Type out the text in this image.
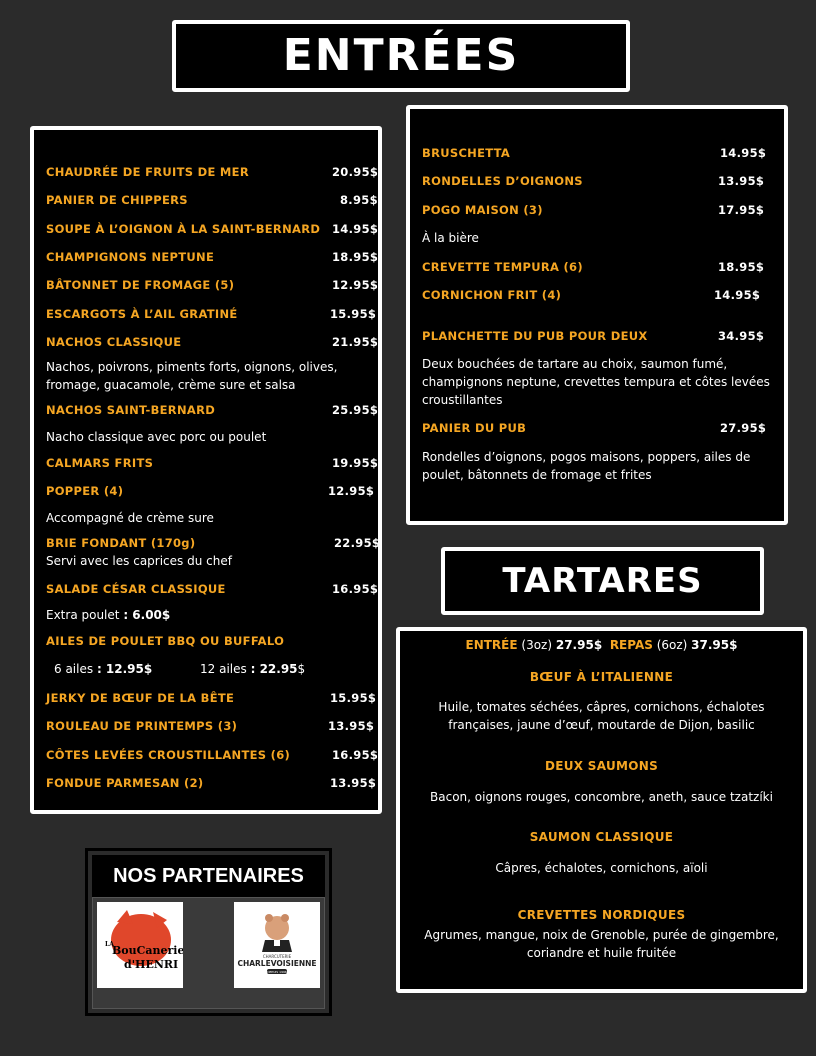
ENTRÉES
TARTARES
CHAUDRÉE DE FRUITS DE MER	20.95$
PANIER DE CHIPPERS	8.95$
SOUPE À L’OIGNON À LA SAINT-BERNARD 14.95$
CHAMPIGNONS NEPTUNE	18.95$
BÂTONNET DE FROMAGE (5)	12.95$
ESCARGOTS À L’AIL GRATINÉ	15.95$
NACHOS CLASSIQUE	21.95$
Nachos, poivrons, piments forts, oignons, olives, fromage, guacamole, crème sure et salsa
NACHOS SAINT-BERNARD	25.95$
Nacho classique avec porc ou poulet
CALMARS FRITS	19.95$
POPPER (4)	12.95$
Accompagné de crème sure
BRIE FONDANT (170g)	22.95$
Servi avec les caprices du chef
SALADE CÉSAR CLASSIQUE	16.95$
Extra poulet : 6.00$
AILES DE POULET BBQ OU BUFFALO
6 ailes : 12.95$	12 ailes : 22.95$
JERKY DE BŒUF DE LA BÊTE	15.95$
ROULEAU DE PRINTEMPS (3)	13.95$
CÔTES LEVÉES CROUSTILLANTES (6)	16.95$
FONDUE PARMESAN (2)	13.95$
BRUSCHETTA	14.95$
RONDELLES D’OIGNONS	13.95$
POGO MAISON (3)	17.95$
À la bière
CREVETTE TEMPURA (6)	18.95$
CORNICHON FRIT (4)	14.95$
PLANCHETTE DU PUB POUR DEUX	34.95$
Deux bouchées de tartare au choix, saumon fumé, champignons neptune, crevettes tempura et côtes levées croustillantes
PANIER DU PUB	27.95$
Rondelles d’oignons, pogos maisons, poppers, ailes de poulet, bâtonnets de fromage et frites
ENTRÉE (3oz) 27.95$ REPAS (6oz) 37.95$
BŒUF À L’ITALIENNE
Huile, tomates séchées, câpres, cornichons, échalotes françaises, jaune d’œuf, moutarde de Dijon, basilic
DEUX SAUMONS
Bacon, oignons rouges, concombre, aneth, sauce tzatzíki
SAUMON CLASSIQUE
Câpres, échalotes, cornichons, aïoli
CREVETTES NORDIQUES
Agrumes, mangue, noix de Grenoble, purée de gingembre, coriandre et huile fruitée
NOS PARTENAIRES
LA
BouCanerie
d'HENRI
CHARCUTERIE
CHARLEVOISIENNE
DEPUIS 1996
